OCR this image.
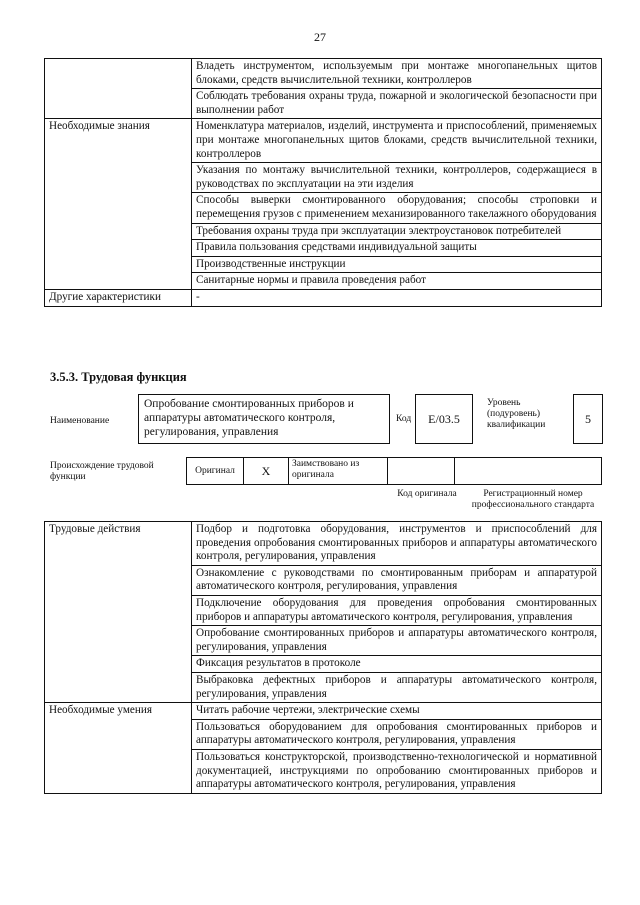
27
	Владеть инструментом, используемым при монтаже многопанельных щитов блоками, средств вычислительной техники, контроллеров
	Соблюдать требования охраны труда, пожарной и экологической безопасности при выполнении работ
Необходимые знания	Номенклатура материалов, изделий, инструмента и приспособлений, применяемых при монтаже многопанельных щитов блоками, средств вычислительной техники, контроллеров
	Указания по монтажу вычислительной техники, контроллеров, содержащиеся в руководствах по эксплуатации на эти изделия
	Способы выверки смонтированного оборудования; способы строповки и перемещения грузов с применением механизированного такелажного оборудования
	Требования охраны труда при эксплуатации электроустановок потребителей
	Правила пользования средствами индивидуальной защиты
	Производственные инструкции
	Санитарные нормы и правила проведения работ
Другие характеристики	-
3.5.3. Трудовая функция
Наименование
Опробование смонтированных приборов и аппаратуры автоматического контроля, регулирования, управления
Код	E/03.5
Уровень (подуровень) квалификации	5
Происхождение трудовой функции
Оригинал	X	Заимствовано из оригинала
Код оригинала	Регистрационный номер профессионального стандарта
Трудовые действия	Подбор и подготовка оборудования, инструментов и приспособлений для проведения опробования смонтированных приборов и аппаратуры автоматического контроля, регулирования, управления
	Ознакомление с руководствами по смонтированным приборам и аппаратурой автоматического контроля, регулирования, управления
	Подключение оборудования для проведения опробования смонтированных приборов и аппаратуры автоматического контроля, регулирования, управления
	Опробование смонтированных приборов и аппаратуры автоматического контроля, регулирования, управления
	Фиксация результатов в протоколе
	Выбраковка дефектных приборов и аппаратуры автоматического контроля, регулирования, управления
Необходимые умения	Читать рабочие чертежи, электрические схемы
	Пользоваться оборудованием для опробования смонтированных приборов и аппаратуры автоматического контроля, регулирования, управления
	Пользоваться конструкторской, производственно-технологической и нормативной документацией, инструкциями по опробованию смонтированных приборов и аппаратуры автоматического контроля, регулирования, управления
